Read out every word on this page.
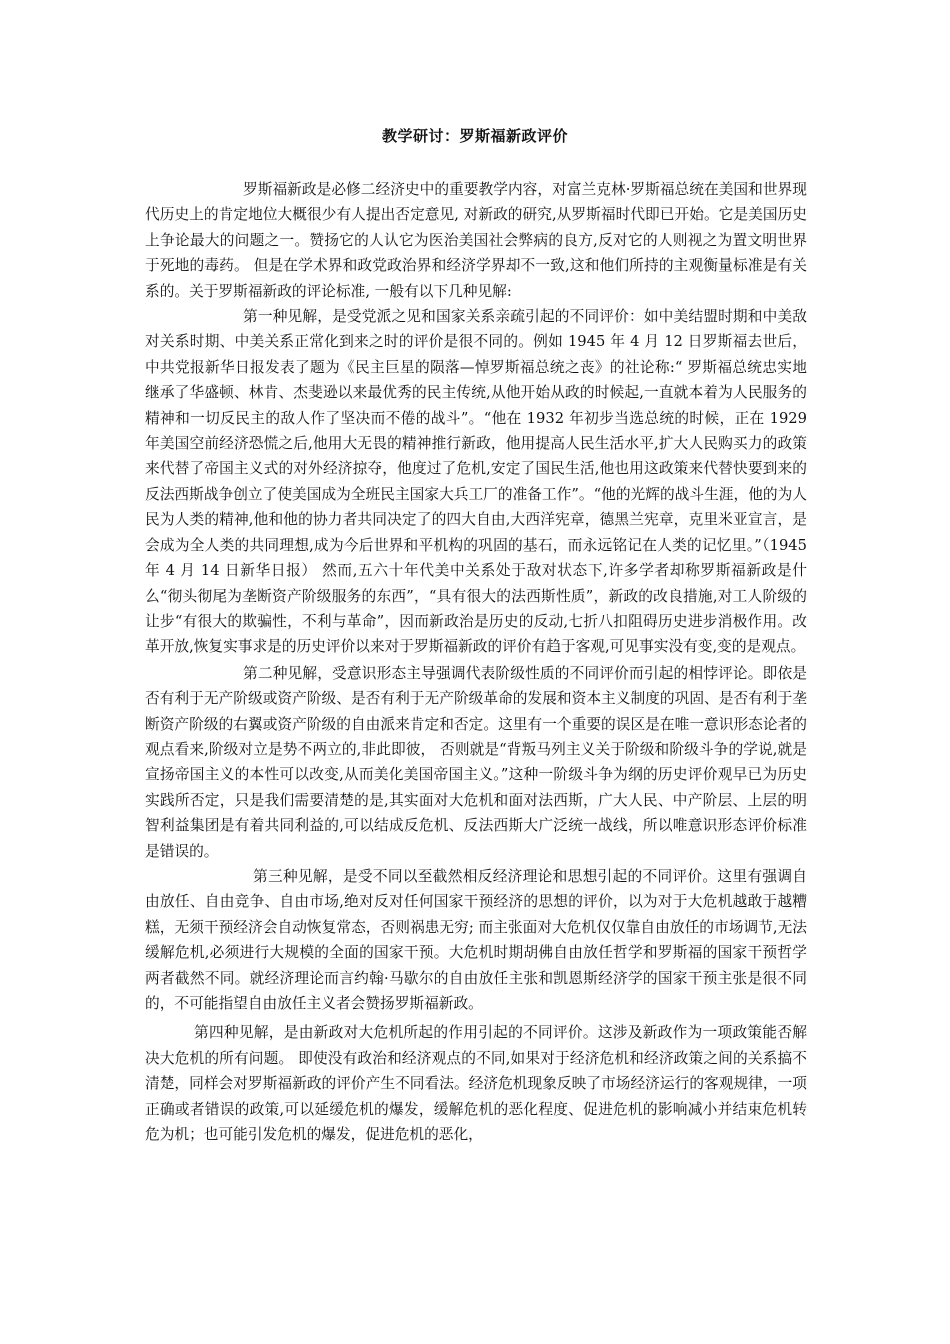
教学研讨：罗斯福新政评价

罗斯福新政是必修二经济史中的重要教学内容，对富兰克林·罗斯福总统在美国和世界现代历史上的肯定地位大概很少有人提出否定意见, 对新政的研究,从罗斯福时代即已开始。它是美国历史上争论最大的问题之一。赞扬它的人认它为医治美国社会弊病的良方,反对它的人则视之为置文明世界于死地的毒药。 但是在学术界和政党政治界和经济学界却不一致,这和他们所持的主观衡量标准是有关系的。关于罗斯福新政的评论标准, 一般有以下几种见解:

第一种见解，是受党派之见和国家关系亲疏引起的不同评价：如中美结盟时期和中美敌对关系时期、中美关系正常化到来之时的评价是很不同的。例如 1945 年 4 月 12 日罗斯福去世后，中共党报新华日报发表了题为《民主巨星的陨落—悼罗斯福总统之丧》的社论称:“ 罗斯福总统忠实地继承了华盛顿、林肯、杰斐逊以来最优秀的民主传统,从他开始从政的时候起,一直就本着为人民服务的精神和一切反民主的敌人作了坚决而不倦的战斗”。“他在 1932 年初步当选总统的时候，正在 1929 年美国空前经济恐慌之后,他用大无畏的精神推行新政，他用提高人民生活水平,扩大人民购买力的政策来代替了帝国主义式的对外经济掠夺，他度过了危机,安定了国民生活,他也用这政策来代替快要到来的反法西斯战争创立了使美国成为全班民主国家大兵工厂的准备工作”。“他的光辉的战斗生涯，他的为人民为人类的精神,他和他的协力者共同决定了的四大自由,大西洋宪章，德黑兰宪章，克里米亚宣言，是会成为全人类的共同理想,成为今后世界和平机构的巩固的基石，而永远铭记在人类的记忆里。”（1945 年 4 月 14 日新华日报） 然而,五六十年代美中关系处于敌对状态下,许多学者却称罗斯福新政是什么“彻头彻尾为垄断资产阶级服务的东西”，“具有很大的法西斯性质”，新政的改良措施,对工人阶级的让步“有很大的欺骗性，不利与革命”，因而新政治是历史的反动,七折八扣阻碍历史进步消极作用。改革开放,恢复实事求是的历史评价以来对于罗斯福新政的评价有趋于客观,可见事实没有变,变的是观点。

第二种见解，受意识形态主导强调代表阶级性质的不同评价而引起的相悖评论。即依是否有利于无产阶级或资产阶级、是否有利于无产阶级革命的发展和资本主义制度的巩固、是否有利于垄断资产阶级的右翼或资产阶级的自由派来肯定和否定。这里有一个重要的误区是在唯一意识形态论者的观点看来,阶级对立是势不两立的,非此即彼， 否则就是“背叛马列主义关于阶级和阶级斗争的学说,就是宣扬帝国主义的本性可以改变,从而美化美国帝国主义。”这种一阶级斗争为纲的历史评价观早已为历史实践所否定，只是我们需要清楚的是,其实面对大危机和面对法西斯，广大人民、中产阶层、上层的明智利益集团是有着共同利益的,可以结成反危机、反法西斯大广泛统一战线，所以唯意识形态评价标准是错误的。

第三种见解，是受不同以至截然相反经济理论和思想引起的不同评价。这里有强调自由放任、自由竞争、自由市场,绝对反对任何国家干预经济的思想的评价，以为对于大危机越敢于越糟糕，无须干预经济会自动恢复常态，否则祸患无穷; 而主张面对大危机仅仅靠自由放任的市场调节,无法缓解危机,必须进行大规模的全面的国家干预。大危机时期胡佛自由放任哲学和罗斯福的国家干预哲学两者截然不同。就经济理论而言约翰·马歇尔的自由放任主张和凯恩斯经济学的国家干预主张是很不同的，不可能指望自由放任主义者会赞扬罗斯福新政。

第四种见解，是由新政对大危机所起的作用引起的不同评价。这涉及新政作为一项政策能否解决大危机的所有问题。 即使没有政治和经济观点的不同,如果对于经济危机和经济政策之间的关系搞不清楚，同样会对罗斯福新政的评价产生不同看法。经济危机现象反映了市场经济运行的客观规律，一项正确或者错误的政策,可以延缓危机的爆发，缓解危机的恶化程度、促进危机的影响减小并结束危机转危为机；也可能引发危机的爆发，促进危机的恶化，
